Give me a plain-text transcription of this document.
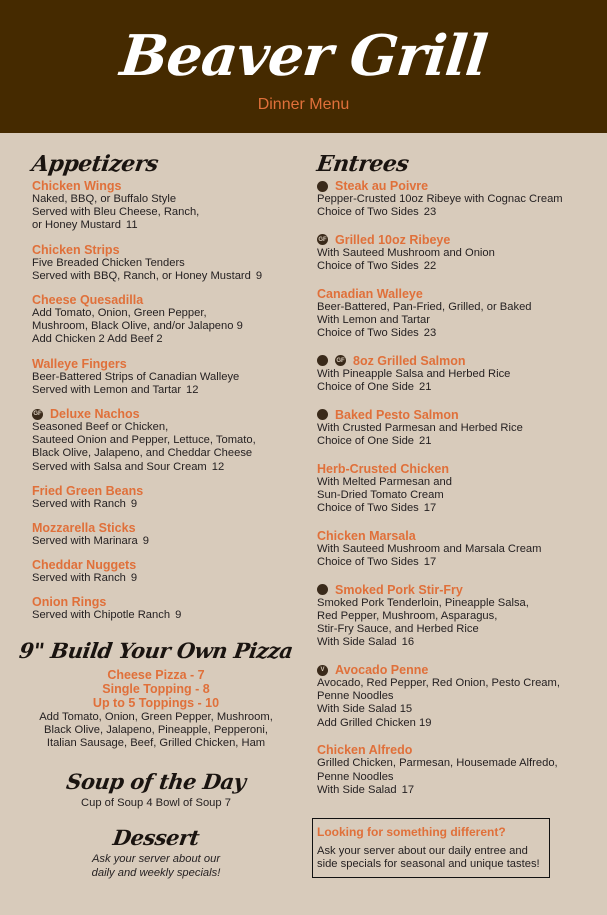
Beaver Grill
Dinner Menu
Appetizers
Chicken Wings
Naked, BBQ, or Buffalo Style
Served with Bleu Cheese, Ranch,
or Honey Mustard 11
Chicken Strips
Five Breaded Chicken Tenders
Served with BBQ, Ranch, or Honey Mustard 9
Cheese Quesadilla
Add Tomato, Onion, Green Pepper,
Mushroom, Black Olive, and/or Jalapeno 9
Add Chicken 2 Add Beef 2
Walleye Fingers
Beer-Battered Strips of Canadian Walleye
Served with Lemon and Tartar 12
GF Deluxe Nachos
Seasoned Beef or Chicken,
Sauteed Onion and Pepper, Lettuce, Tomato,
Black Olive, Jalapeno, and Cheddar Cheese
Served with Salsa and Sour Cream 12
Fried Green Beans
Served with Ranch 9
Mozzarella Sticks
Served with Marinara 9
Cheddar Nuggets
Served with Ranch 9
Onion Rings
Served with Chipotle Ranch 9
9" Build Your Own Pizza
Cheese Pizza - 7
Single Topping - 8
Up to 5 Toppings - 10
Add Tomato, Onion, Green Pepper, Mushroom,
Black Olive, Jalapeno, Pineapple, Pepperoni,
Italian Sausage, Beef, Grilled Chicken, Ham
Soup of the Day
Cup of Soup 4 Bowl of Soup 7
Dessert
Ask your server about our
daily and weekly specials!
Entrees
Steak au Poivre
Pepper-Crusted 10oz Ribeye with Cognac Cream
Choice of Two Sides 23
GF Grilled 10oz Ribeye
With Sauteed Mushroom and Onion
Choice of Two Sides 22
Canadian Walleye
Beer-Battered, Pan-Fried, Grilled, or Baked
With Lemon and Tartar
Choice of Two Sides 23
GF 8oz Grilled Salmon
With Pineapple Salsa and Herbed Rice
Choice of One Side 21
Baked Pesto Salmon
With Crusted Parmesan and Herbed Rice
Choice of One Side 21
Herb-Crusted Chicken
With Melted Parmesan and
Sun-Dried Tomato Cream
Choice of Two Sides 17
Chicken Marsala
With Sauteed Mushroom and Marsala Cream
Choice of Two Sides 17
Smoked Pork Stir-Fry
Smoked Pork Tenderloin, Pineapple Salsa,
Red Pepper, Mushroom, Asparagus,
Stir-Fry Sauce, and Herbed Rice
With Side Salad 16
V Avocado Penne
Avocado, Red Pepper, Red Onion, Pesto Cream,
Penne Noodles
With Side Salad 15
Add Grilled Chicken 19
Chicken Alfredo
Grilled Chicken, Parmesan, Housemade Alfredo,
Penne Noodles
With Side Salad 17
Looking for something different?
Ask your server about our daily entree and side specials for seasonal and unique tastes!
